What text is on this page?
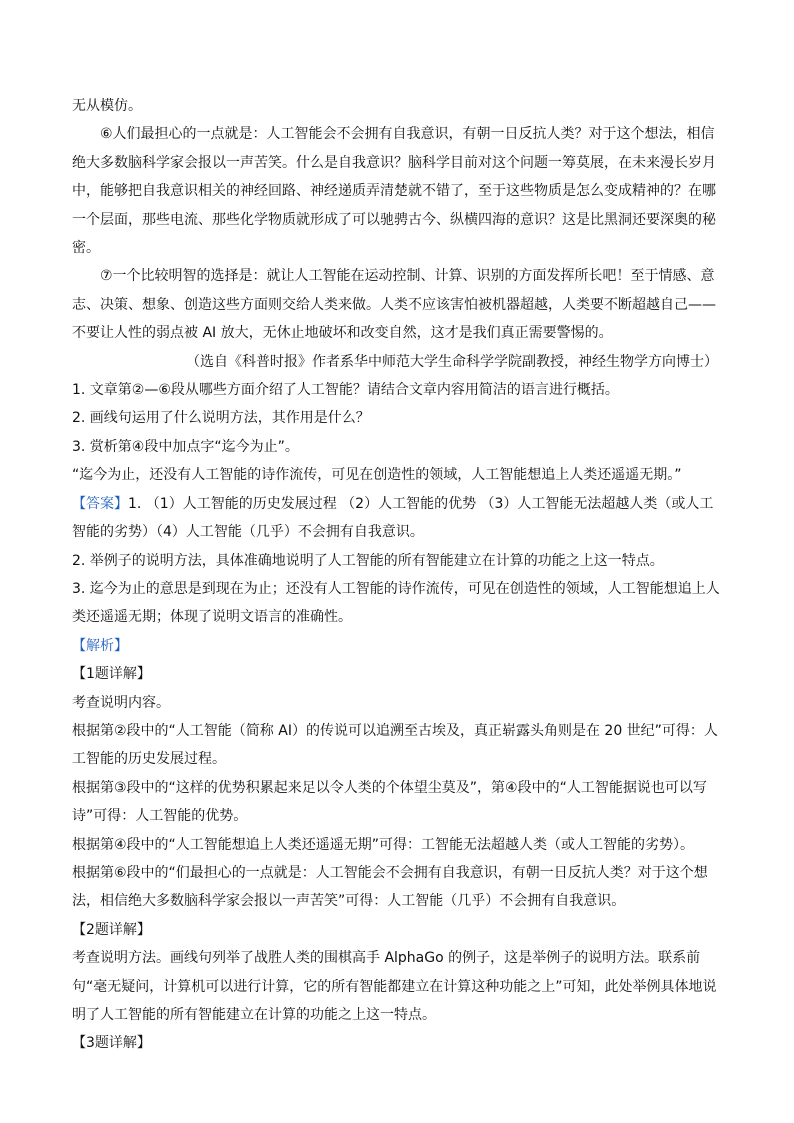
无从模仿。

⑥人们最担心的一点就是：人工智能会不会拥有自我意识，有朝一日反抗人类？对于这个想法，相信绝大多数脑科学家会报以一声苦笑。什么是自我意识？脑科学目前对这个问题一筹莫展，在未来漫长岁月中，能够把自我意识相关的神经回路、神经递质弄清楚就不错了，至于这些物质是怎么变成精神的？在哪一个层面，那些电流、那些化学物质就形成了可以驰骋古今、纵横四海的意识？这是比黑洞还要深奥的秘密。

⑦一个比较明智的选择是：就让人工智能在运动控制、计算、识别的方面发挥所长吧！至于情感、意志、决策、想象、创造这些方面则交给人类来做。人类不应该害怕被机器超越，人类要不断超越自己——不要让人性的弱点被 AI 放大，无休止地破坏和改变自然，这才是我们真正需要警惕的。

（选自《科普时报》作者系华中师范大学生命科学学院副教授，神经生物学方向博士）

1. 文章第②—⑥段从哪些方面介绍了人工智能？请结合文章内容用简洁的语言进行概括。

2. 画线句运用了什么说明方法，其作用是什么？

3. 赏析第④段中加点字“迄今为止”。

“迄今为止，还没有人工智能的诗作流传，可见在创造性的领域，人工智能想追上人类还遥遥无期。”

【答案】1. （1）人工智能的历史发展过程 （2）人工智能的优势 （3）人工智能无法超越人类（或人工智能的劣势）（4）人工智能（几乎）不会拥有自我意识。

2. 举例子的说明方法，具体准确地说明了人工智能的所有智能建立在计算的功能之上这一特点。

3. 迄今为止的意思是到现在为止；还没有人工智能的诗作流传，可见在创造性的领域，人工智能想追上人类还遥遥无期；体现了说明文语言的准确性。

【解析】

【1题详解】

考查说明内容。

根据第②段中的“人工智能（简称 AI）的传说可以追溯至古埃及，真正崭露头角则是在 20 世纪”可得：人工智能的历史发展过程。

根据第③段中的“这样的优势积累起来足以令人类的个体望尘莫及”，第④段中的“人工智能据说也可以写诗”可得：人工智能的优势。

根据第④段中的“人工智能想追上人类还遥遥无期”可得：工智能无法超越人类（或人工智能的劣势）。

根据第⑥段中的“们最担心的一点就是：人工智能会不会拥有自我意识，有朝一日反抗人类？对于这个想法，相信绝大多数脑科学家会报以一声苦笑”可得：人工智能（几乎）不会拥有自我意识。

【2题详解】

考查说明方法。画线句列举了战胜人类的围棋高手 AlphaGo 的例子，这是举例子的说明方法。联系前句“毫无疑问，计算机可以进行计算，它的所有智能都建立在计算这种功能之上”可知，此处举例具体地说明了人工智能的所有智能建立在计算的功能之上这一特点。

【3题详解】
